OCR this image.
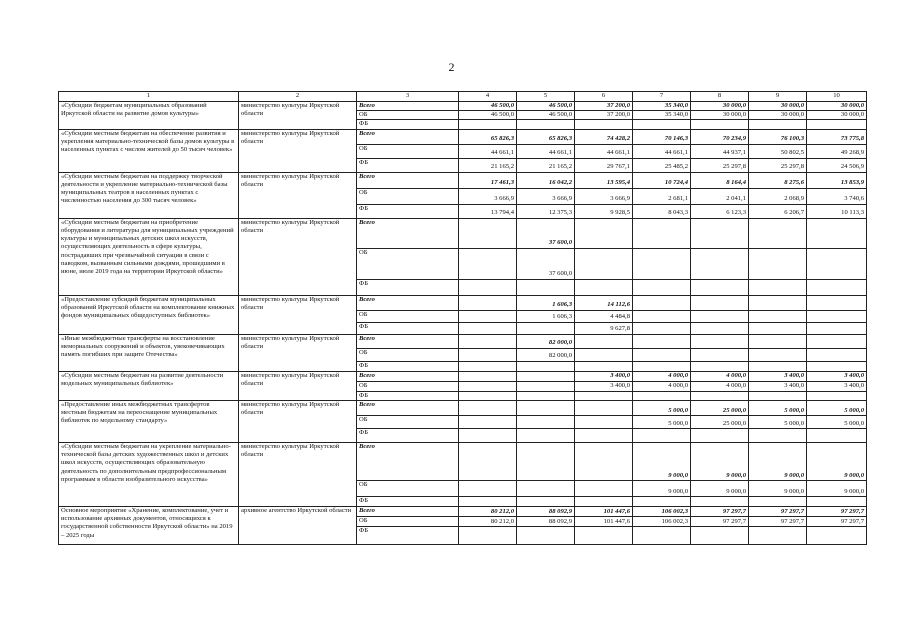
2
1	2	3	4	5	6	7	8	9	10
«Субсидии бюджетам муниципальных образований Иркутской области на развитие домов культуры»	министерство культуры Иркутской области	Всего	46 500,0	46 500,0	37 200,0	35 340,0	30 000,0	30 000,0	30 000,0
		ОБ	46 500,0	46 500,0	37 200,0	35 340,0	30 000,0	30 000,0	30 000,0
		ФБ							
«Субсидии местным бюджетам на обеспечение развития и укрепления материально-технической базы домов культуры в населенных пунктах с числом жителей до 50 тысяч человек»	министерство культуры Иркутской области	Всего	65 826,3	65 826,3	74 428,2	70 146,3	70 234,9	76 100,3	73 775,8
		ОБ	44 661,1	44 661,1	44 661,1	44 661,1	44 937,1	50 802,5	49 268,9
		ФБ	21 165,2	21 165,2	29 767,1	25 485,2	25 297,8	25 297,8	24 506,9
«Субсидии местным бюджетам на поддержку творческой деятельности и укрепление материально-технической базы муниципальных театров в населенных пунктах с численностью населения до 300 тысяч человек»	министерство культуры Иркутской области	Всего	17 461,3	16 042,2	13 595,4	10 724,4	8 164,4	8 275,6	13 853,9
		ОБ	3 666,9	3 666,9	3 666,9	2 681,1	2 041,1	2 068,9	3 740,6
		ФБ	13 794,4	12 375,3	9 928,5	8 043,3	6 123,3	6 206,7	10 113,3
«Субсидии местным бюджетам на приобретение оборудования и литературы для муниципальных учреждений культуры и муниципальных детских школ искусств, осуществляющих деятельность в сфере культуры, пострадавших при чрезвычайной ситуации в связи с паводком, вызванным сильными дождями, прошедшими в июне, июле 2019 года на территории Иркутской области»	министерство культуры Иркутской области	Всего		37 600,0					
		ОБ		37 600,0					
		ФБ							
«Предоставление субсидий бюджетам муниципальных образований Иркутской области на комплектование книжных фондов муниципальных общедоступных библиотек»	министерство культуры Иркутской области	Всего		1 606,3	14 112,6				
		ОБ		1 606,3	4 484,8				
		ФБ			9 627,8				
«Иные межбюджетные трансферты на восстановление мемориальных сооружений и объектов, увековечивающих память погибших при защите Отечества»	министерство культуры Иркутской области	Всего		82 000,0					
		ОБ		82 000,0					
		ФБ							
«Субсидии местным бюджетам на развитие деятельности модельных муниципальных библиотек»	министерство культуры Иркутской области	Всего			3 400,0	4 000,0	4 000,0	3 400,0	3 400,0
		ОБ			3 400,0	4 000,0	4 000,0	3 400,0	3 400,0
		ФБ							
«Предоставление иных межбюджетных трансфертов местным бюджетам на переоснащение муниципальных библиотек по модельному стандарту»	министерство культуры Иркутской области	Всего				5 000,0	25 000,0	5 000,0	5 000,0
		ОБ				5 000,0	25 000,0	5 000,0	5 000,0
		ФБ							
«Субсидии местным бюджетам на укрепление материально-технической базы детских художественных школ и детских школ искусств, осуществляющих образовательную деятельность по дополнительным предпрофессиональным программам в области изобразительного искусства»	министерство культуры Иркутской области	Всего				9 000,0	9 000,0	9 000,0	9 000,0
		ОБ				9 000,0	9 000,0	9 000,0	9 000,0
		ФБ							
Основное мероприятие «Хранение, комплектование, учет и использование архивных документов, относящихся к государственной собственности Иркутской области» на 2019 – 2025 годы	архивное агентство Иркутской области	Всего	80 212,0	88 092,9	101 447,6	106 002,3	97 297,7	97 297,7	97 297,7
		ОБ	80 212,0	88 092,9	101 447,6	106 002,3	97 297,7	97 297,7	97 297,7
		ФБ							
